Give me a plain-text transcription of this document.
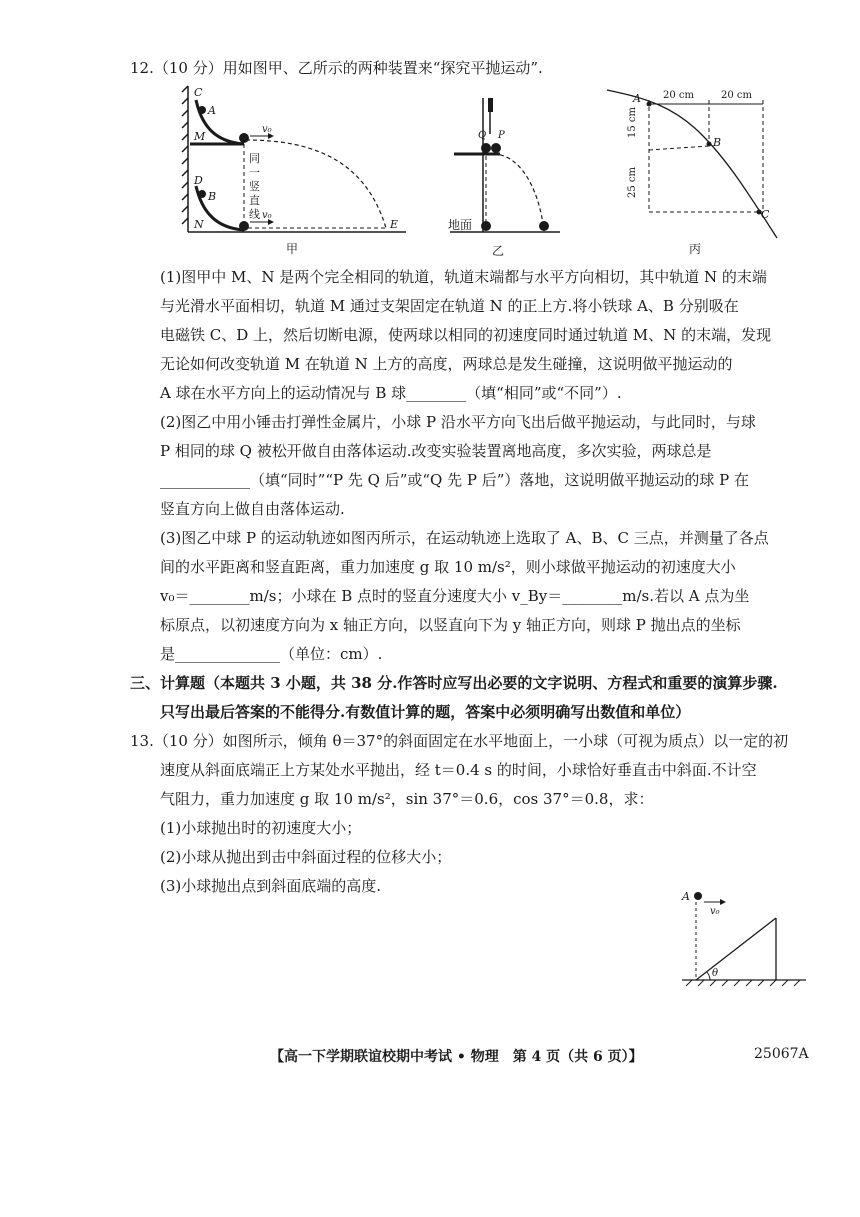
12.（10 分）用如图甲、乙所示的两种装置来“探究平抛运动”.
C
A
M
v₀
D
B
N
v₀
E
同
一
竖
直
线
甲
Q P
地面
乙
A
B
C
20 cm	20 cm
15 cm
25 cm
丙
(1)图甲中 M、N 是两个完全相同的轨道，轨道末端都与水平方向相切，其中轨道 N 的末端
与光滑水平面相切，轨道 M 通过支架固定在轨道 N 的正上方.将小铁球 A、B 分别吸在
电磁铁 C、D 上，然后切断电源，使两球以相同的初速度同时通过轨道 M、N 的末端，发现
无论如何改变轨道 M 在轨道 N 上方的高度，两球总是发生碰撞，这说明做平抛运动的
A 球在水平方向上的运动情况与 B 球________（填“相同”或“不同”）.
(2)图乙中用小锤击打弹性金属片，小球 P 沿水平方向飞出后做平抛运动，与此同时，与球
P 相同的球 Q 被松开做自由落体运动.改变实验装置离地高度，多次实验，两球总是
____________（填“同时”“P 先 Q 后”或“Q 先 P 后”）落地，这说明做平抛运动的球 P 在
竖直方向上做自由落体运动.
(3)图乙中球 P 的运动轨迹如图丙所示，在运动轨迹上选取了 A、B、C 三点，并测量了各点
间的水平距离和竖直距离，重力加速度 g 取 10 m/s²，则小球做平抛运动的初速度大小
v₀＝________m/s；小球在 B 点时的竖直分速度大小 v_By＝________m/s.若以 A 点为坐
标原点，以初速度方向为 x 轴正方向，以竖直向下为 y 轴正方向，则球 P 抛出点的坐标
是______________（单位：cm）.
三、计算题（本题共 3 小题，共 38 分.作答时应写出必要的文字说明、方程式和重要的演算步骤.
只写出最后答案的不能得分.有数值计算的题，答案中必须明确写出数值和单位）
13.（10 分）如图所示，倾角 θ＝37°的斜面固定在水平地面上，一小球（可视为质点）以一定的初
速度从斜面底端正上方某处水平抛出，经 t＝0.4 s 的时间，小球恰好垂直击中斜面.不计空
气阻力，重力加速度 g 取 10 m/s²，sin 37°＝0.6，cos 37°＝0.8，求：
(1)小球抛出时的初速度大小；
(2)小球从抛出到击中斜面过程的位移大小；
(3)小球抛出点到斜面底端的高度.
A
v₀
θ
【高一下学期联谊校期中考试 • 物理　第 4 页（共 6 页）】	25067A
